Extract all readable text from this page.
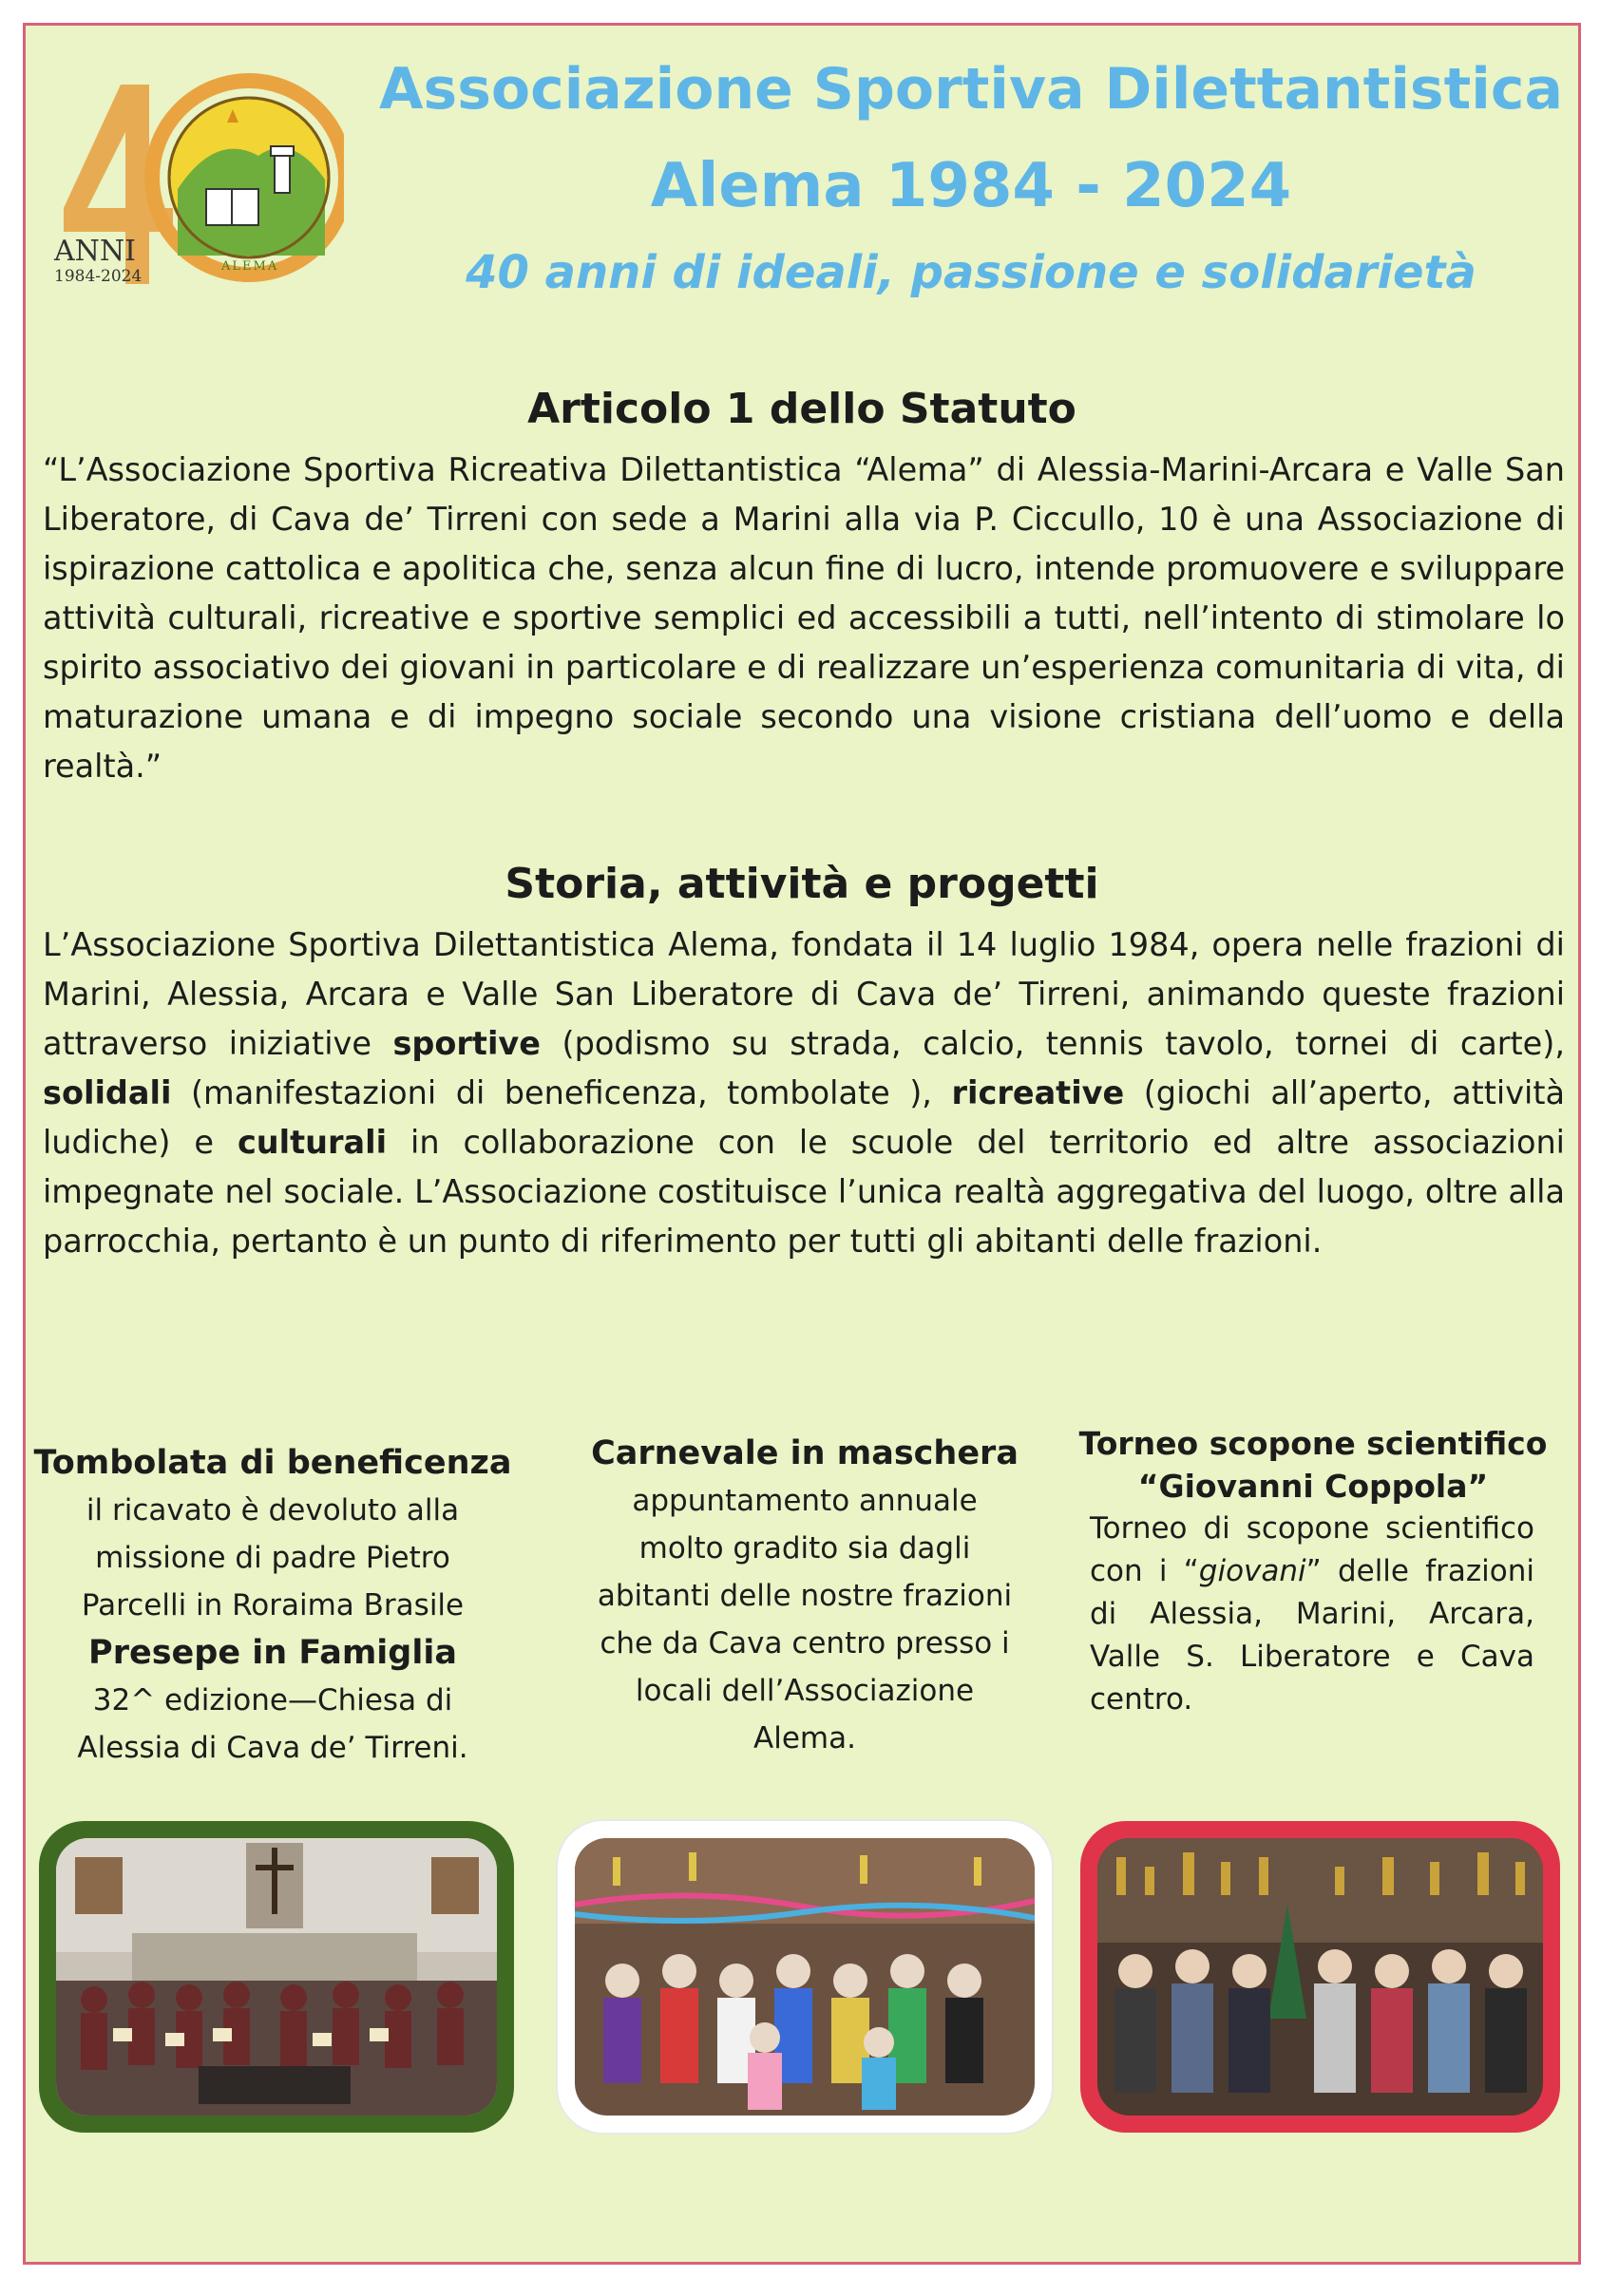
ANNI
1984-2024
ALEMA
Associazione Sportiva Dilettantistica
Alema 1984 - 2024
40 anni di ideali, passione e solidarietà
Articolo 1 dello Statuto

“L’Associazione Sportiva Ricreativa Dilettantistica “Alema” di Alessia-Marini-Arcara e Valle San Liberatore, di Cava de’ Tirreni con sede a Marini alla via P. Ciccullo, 10 è una Associazione di ispirazione cattolica e apolitica che, senza alcun fine di lucro, intende promuovere e sviluppare attività culturali, ricreative e sportive semplici ed accessibili a tutti, nell’intento di stimolare lo spirito associativo dei giovani in particolare e di realizzare un’esperienza comunitaria di vita, di maturazione umana e di impegno sociale secondo una visione cristiana dell’uomo e della realtà.”

Storia, attività e progetti

L’Associazione Sportiva Dilettantistica Alema, fondata il 14 luglio 1984, opera nelle frazioni di Marini, Alessia, Arcara e Valle San Liberatore di Cava de’ Tirreni, animando queste frazioni attraverso iniziative sportive (podismo su strada, calcio, tennis tavolo, tornei di carte), solidali (manifestazioni di beneficenza, tombolate ), ricreative (giochi all’aperto, attività ludiche) e culturali in collaborazione con le scuole del territorio ed altre associazioni impegnate nel sociale. L’Associazione costituisce l’unica realtà aggregativa del luogo, oltre alla parrocchia, pertanto è un punto di riferimento per tutti gli abitanti delle frazioni.

Tombolata di beneficenza
il ricavato è devoluto alla missione di padre Pietro Parcelli in Roraima Brasile
Presepe in Famiglia
32^ edizione—Chiesa di Alessia di Cava de’ Tirreni.
Carnevale in maschera
appuntamento annuale molto gradito sia dagli abitanti delle nostre frazioni che da Cava centro presso i locali dell’Associazione Alema.
Torneo scopone scientifico
“Giovanni Coppola”
Torneo di scopone scientifico con i “giovani” delle frazioni di Alessia, Marini, Arcara, Valle S. Liberatore e Cava centro.
